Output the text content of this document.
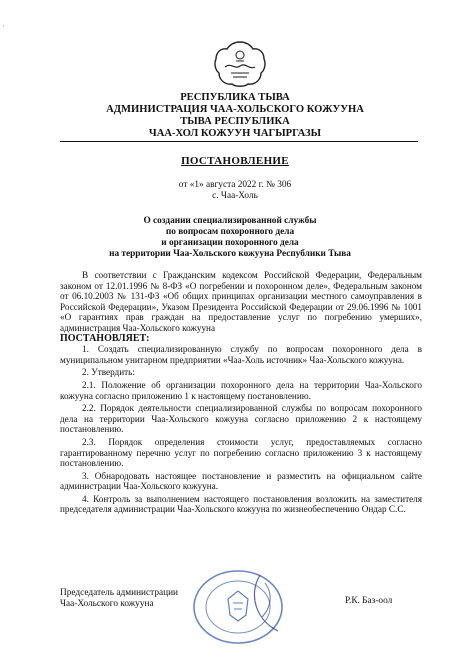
·
РЕСПУБЛИКА ТЫВА
АДМИНИСТРАЦИЯ ЧАА-ХОЛЬСКОГО КОЖУУНА
ТЫВА РЕСПУБЛИКА
ЧАА-ХОЛ КОЖУУН ЧАГЫРГАЗЫ
ПОСТАНОВЛЕНИЕ
от «1» августа 2022 г. № 306
с. Чаа-Холь
О создании специализированной службы
по вопросам похоронного дела
и организации похоронного дела
на территории Чаа-Хольского кожууна Республики Тыва

В соответствии с Гражданским кодексом Российской Федерации, Федеральным законом от 12.01.1996 № 8-ФЗ «О погребении и похоронном деле», Федеральным законом от 06.10.2003 № 131-ФЗ «Об общих принципах организации местного самоуправления в Российской Федерации», Указом Президента Российской Федерации от 29.06.1996 № 1001 «О гарантиях прав граждан на предоставление услуг по погребению умерших», администрация Чаа-Хольского кожууна

ПОСТАНОВЛЯЕТ:

1. Создать специализированную службу по вопросам похоронного дела в муниципальном унитарном предприятии «Чаа-Холь источник» Чаа-Хольского кожууна.

2. Утвердить:

2.1. Положение об организации похоронного дела на территории Чаа-Хольского кожууна согласно приложению 1 к настоящему постановлению.

2.2. Порядок деятельности специализированной службы по вопросам похоронного дела на территории Чаа-Хольского кожууна согласно приложению 2 к настоящему постановлению.

2.3. Порядок определения стоимости услуг, предоставляемых согласно гарантированному перечню услуг по погребению согласно приложению 3 к настоящему постановлению.

3. Обнародовать настоящее постановление и разместить на официальном сайте администрации Чаа-Хольского кожууна.

4. Контроль за выполнением настоящего постановления возложить на заместителя председателя администрации Чаа-Хольского кожууна по жизнеобеспечению Ондар С.С.

Председатель администрации
Чаа-Хольского кожууна	Р.К. Баз-оол
